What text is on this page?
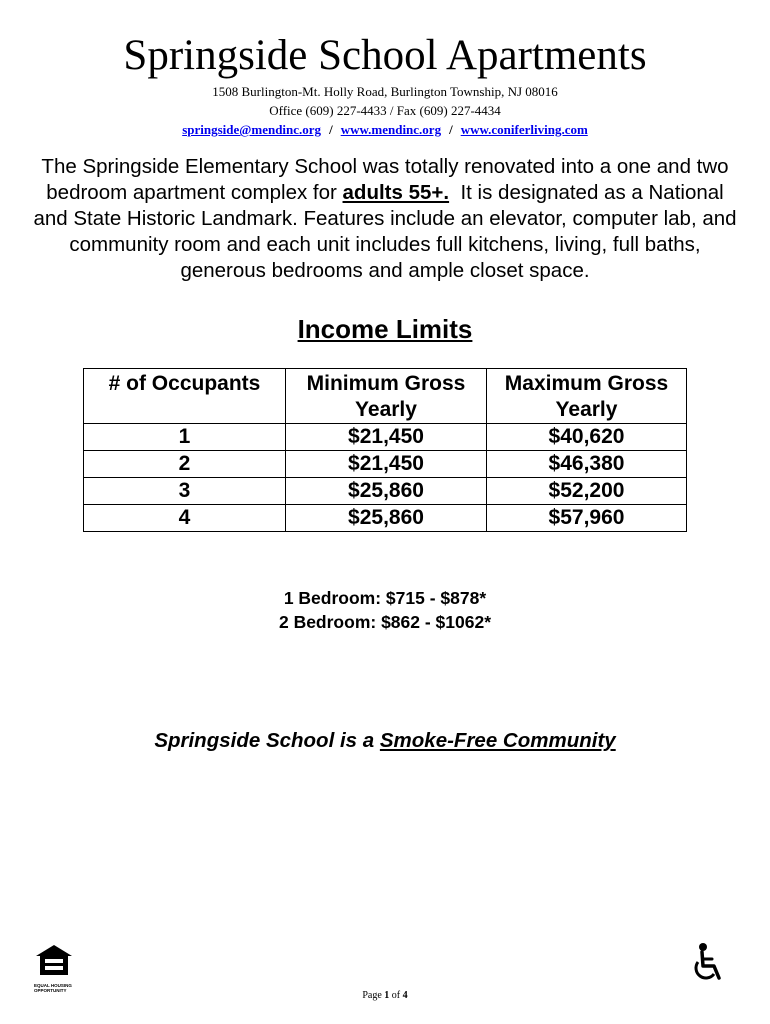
Springside School Apartments
1508 Burlington-Mt. Holly Road, Burlington Township, NJ 08016
Office (609) 227-4433 / Fax (609) 227-4434
springside@mendinc.org / www.mendinc.org / www.coniferliving.com
The Springside Elementary School was totally renovated into a one and two bedroom apartment complex for adults 55+.  It is designated as a National and State Historic Landmark. Features include an elevator, computer lab, and community room and each unit includes full kitchens, living, full baths, generous bedrooms and ample closet space.
Income Limits
# of Occupants	Minimum Gross Yearly	Maximum Gross Yearly
1	$21,450	$40,620
2	$21,450	$46,380
3	$25,860	$52,200
4	$25,860	$57,960
1 Bedroom: $715 - $878*
2 Bedroom: $862 - $1062*
Springside School is a Smoke-Free Community
EQUAL HOUSING OPPORTUNITY	Page 1 of 4
